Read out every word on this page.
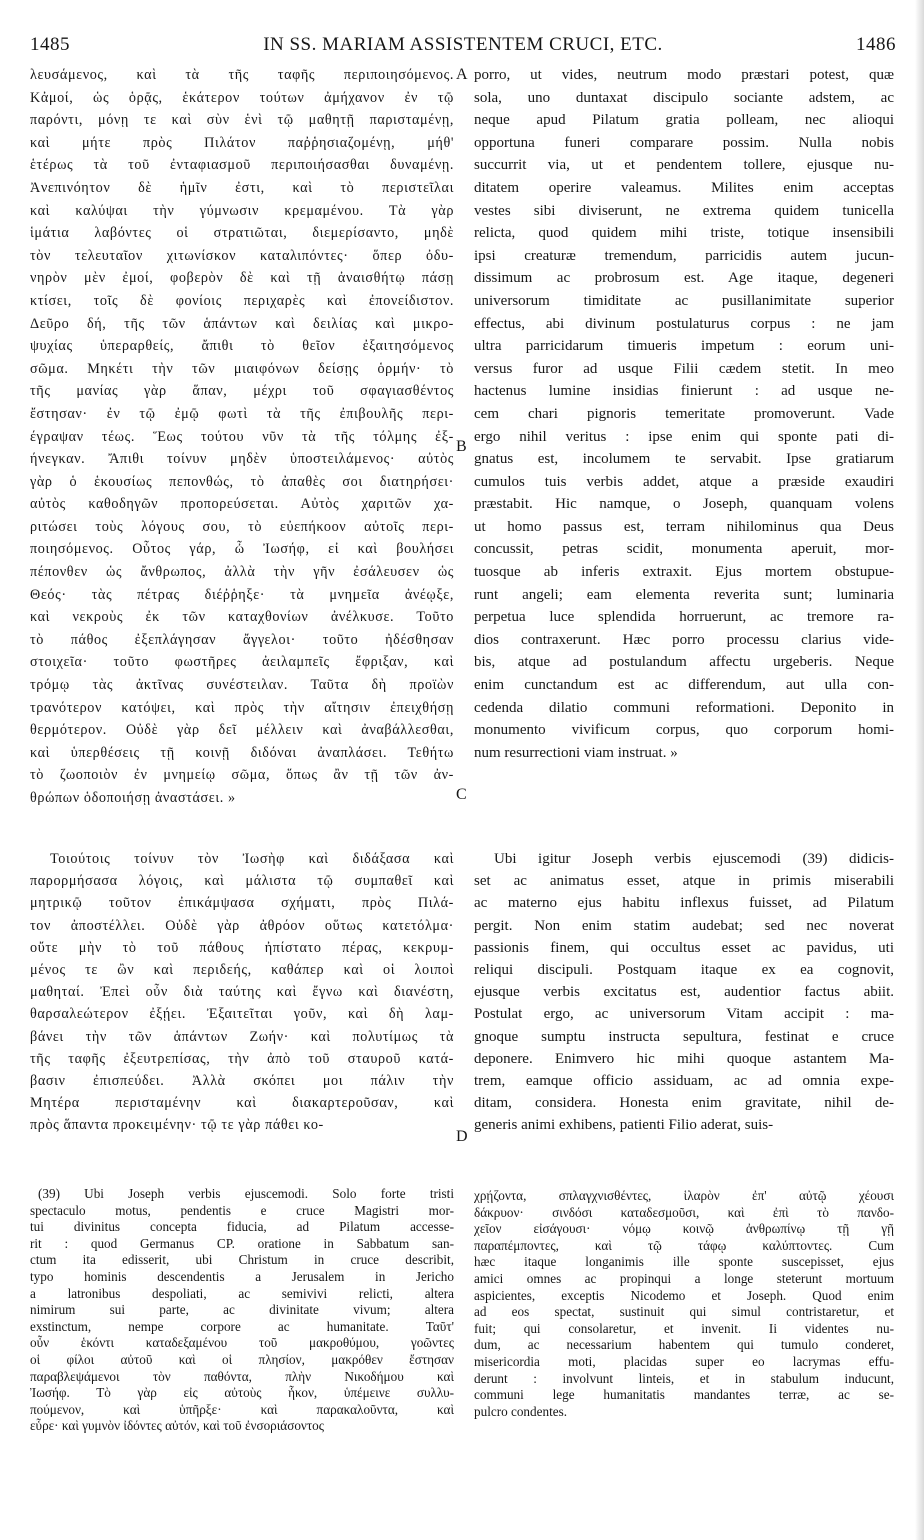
1485	IN SS. MARIAM ASSISTENTEM CRUCI, ETC.	1486
λευσάμενος, καὶ τὰ τῆς ταφῆς περιποιησόμενος.
Κἀμοί, ὡς ὁρᾷς, ἑκάτερον τούτων ἀμήχανον ἐν τῷ
παρόντι, μόνῃ τε καὶ σὺν ἑνὶ τῷ μαθητῇ παρισταμένῃ,
καὶ μήτε πρὸς Πιλάτον παῤῥησιαζομένῃ, μήθ'
ἑτέρως τὰ τοῦ ἐνταφιασμοῦ περιποιήσασθαι δυναμένῃ.
Ἀνεπινόητον δὲ ἡμῖν ἐστι, καὶ τὸ περιστεῖλαι
καὶ καλύψαι τὴν γύμνωσιν κρεμαμένου. Τὰ γὰρ
ἱμάτια λαβόντες οἱ στρατιῶται, διεμερίσαντο, μηδὲ
τὸν τελευταῖον χιτωνίσκον καταλιπόντες· ὅπερ ὀδυ-
νηρὸν μὲν ἐμοί, φοβερὸν δὲ καὶ τῇ ἀναισθήτῳ πάσῃ
κτίσει, τοῖς δὲ φονίοις περιχαρὲς καὶ ἐπονείδιστον.
Δεῦρο δή, τῆς τῶν ἁπάντων καὶ δειλίας καὶ μικρο-
ψυχίας ὑπεραρθείς, ἄπιθι τὸ θεῖον ἐξαιτησόμενος
σῶμα. Μηκέτι τὴν τῶν μιαιφόνων δείσῃς ὁρμήν· τὸ
τῆς μανίας γὰρ ἅπαν, μέχρι τοῦ σφαγιασθέντος
ἔστησαν· ἐν τῷ ἐμῷ φωτὶ τὰ τῆς ἐπιβουλῆς περι-
έγραψαν τέως. Ἕως τούτου νῦν τὰ τῆς τόλμης ἐξ-
ήνεγκαν. Ἄπιθι τοίνυν μηδὲν ὑποστειλάμενος· αὐτὸς
γὰρ ὁ ἑκουσίως πεπονθώς, τὸ ἀπαθὲς σοι διατηρήσει·
αὐτὸς καθοδηγῶν προπορεύσεται. Αὐτὸς χαριτῶν χα-
ριτώσει τοὺς λόγους σου, τὸ εὐεπήκοον αὐτοῖς περι-
ποιησόμενος. Οὗτος γάρ, ὦ Ἰωσήφ, εἰ καὶ βουλήσει
πέπονθεν ὡς ἄνθρωπος, ἀλλὰ τὴν γῆν ἐσάλευσεν ὡς
Θεός· τὰς πέτρας διέῤῥηξε· τὰ μνημεῖα ἀνέῳξε,
καὶ νεκροὺς ἐκ τῶν καταχθονίων ἀνέλκυσε. Τοῦτο
τὸ πάθος ἐξεπλάγησαν ἄγγελοι· τοῦτο ἠδέσθησαν
στοιχεῖα· τοῦτο φωστῆρες ἀειλαμπεῖς ἔφριξαν, καὶ
τρόμῳ τὰς ἀκτῖνας συνέστειλαν. Ταῦτα δὴ προϊὼν
τρανότερον κατόψει, καὶ πρὸς τὴν αἴτησιν ἐπειχθήσῃ
θερμότερον. Οὐδὲ γὰρ δεῖ μέλλειν καὶ ἀναβάλλεσθαι,
καὶ ὑπερθέσεις τῇ κοινῇ διδόναι ἀναπλάσει. Τεθήτω
τὸ ζωοποιὸν ἐν μνημείῳ σῶμα, ὅπως ἂν τῇ τῶν ἀν-
θρώπων ὁδοποιήσῃ ἀναστάσει. »
porro, ut vides, neutrum modo præstari potest, quæ
sola, uno duntaxat discipulo sociante adstem, ac
neque apud Pilatum gratia polleam, nec alioqui
opportuna funeri comparare possim. Nulla nobis
succurrit via, ut et pendentem tollere, ejusque nu-
ditatem operire valeamus. Milites enim acceptas
vestes sibi diviserunt, ne extrema quidem tunicella
relicta, quod quidem mihi triste, totique insensibili
ipsi creaturæ tremendum, parricidis autem jucun-
dissimum ac probrosum est. Age itaque, degeneri
universorum timiditate ac pusillanimitate superior
effectus, abi divinum postulaturus corpus : ne jam
ultra parricidarum timueris impetum : eorum uni-
versus furor ad usque Filii cædem stetit. In meo
hactenus lumine insidias finierunt : ad usque ne-
cem chari pignoris temeritate promoverunt. Vade
ergo nihil veritus : ipse enim qui sponte pati di-
gnatus est, incolumem te servabit. Ipse gratiarum
cumulos tuis verbis addet, atque a præside exaudiri
præstabit. Hic namque, o Joseph, quanquam volens
ut homo passus est, terram nihilominus qua Deus
concussit, petras scidit, monumenta aperuit, mor-
tuosque ab inferis extraxit. Ejus mortem obstupue-
runt angeli; eam elementa reverita sunt; luminaria
perpetua luce splendida horruerunt, ac tremore ra-
dios contraxerunt. Hæc porro processu clarius vide-
bis, atque ad postulandum affectu urgeberis. Neque
enim cunctandum est ac differendum, aut ulla con-
cedenda dilatio communi reformationi. Deponito in
monumento vivificum corpus, quo corporum homi-
num resurrectioni viam instruat. »
Τοιούτοις τοίνυν τὸν Ἰωσὴφ καὶ διδάξασα καὶ
παρορμήσασα λόγοις, καὶ μάλιστα τῷ συμπαθεῖ καὶ
μητρικῷ τοῦτον ἐπικάμψασα σχήματι, πρὸς Πιλά-
τον ἀποστέλλει. Οὐδὲ γὰρ ἀθρόον οὕτως κατετόλμα·
οὔτε μὴν τὸ τοῦ πάθους ἠπίστατο πέρας, κεκρυμ-
μένος τε ὢν καὶ περιδεής, καθάπερ καὶ οἱ λοιποὶ
μαθηταί. Ἐπεὶ οὖν διὰ ταύτης καὶ ἔγνω καὶ διανέστη,
θαρσαλεώτερον ἐξῄει. Ἐξαιτεῖται γοῦν, καὶ δὴ λαμ-
βάνει τὴν τῶν ἁπάντων Ζωήν· καὶ πολυτίμως τὰ
τῆς ταφῆς ἐξευτρεπίσας, τὴν ἀπὸ τοῦ σταυροῦ κατά-
βασιν ἐπισπεύδει. Ἀλλὰ σκόπει μοι πάλιν τὴν
Μητέρα περισταμένην καὶ διακαρτεροῦσαν, καὶ
πρὸς ἅπαντα προκειμένην· τῷ τε γὰρ πάθει κο-
Ubi igitur Joseph verbis ejuscemodi (39) didicis-
set ac animatus esset, atque in primis miserabili
ac materno ejus habitu inflexus fuisset, ad Pilatum
pergit. Non enim statim audebat; sed nec noverat
passionis finem, qui occultus esset ac pavidus, uti
reliqui discipuli. Postquam itaque ex ea cognovit,
ejusque verbis excitatus est, audentior factus abiit.
Postulat ergo, ac universorum Vitam accipit : ma-
gnoque sumptu instructa sepultura, festinat e cruce
deponere. Enimvero hic mihi quoque astantem Ma-
trem, eamque officio assiduam, ac ad omnia expe-
ditam, considera. Honesta enim gravitate, nihil de-
generis animi exhibens, patienti Filio aderat, suis-
A
B
C
D
(39) Ubi Joseph verbis ejuscemodi. Solo forte tristi
spectaculo motus, pendentis e cruce Magistri mor-
tui divinitus concepta fiducia, ad Pilatum accesse-
rit : quod Germanus CP. oratione in Sabbatum san-
ctum ita edisserit, ubi Christum in cruce describit,
typo hominis descendentis a Jerusalem in Jericho
a latronibus despoliati, ac semivivi relicti, altera
nimirum sui parte, ac divinitate vivum; altera
exstinctum, nempe corpore ac humanitate. Ταῦτ'
οὖν ἑκόντι καταδεξαμένου τοῦ μακροθύμου, γοῶντες
οἱ φίλοι αὐτοῦ καὶ οἱ πλησίον, μακρόθεν ἔστησαν
παραβλεψάμενοι τὸν παθόντα, πλὴν Νικοδήμου καὶ
Ἰωσήφ. Τὸ γὰρ εἰς αὐτοὺς ἧκον, ὑπέμεινε συλλυ-
πούμενον, καὶ ὑπῆρξε· καὶ παρακαλοῦντα, καὶ
εὗρε· καὶ γυμνὸν ἰδόντες αὐτόν, καὶ τοῦ ἐνσοριάσοντος
χρῄζοντα, σπλαγχνισθέντες, ἱλαρὸν ἐπ' αὐτῷ χέουσι
δάκρυον· σινδόσι καταδεσμοῦσι, καὶ ἐπὶ τὸ πανδο-
χεῖον εἰσάγουσι· νόμῳ κοινῷ ἀνθρωπίνῳ τῇ γῇ
παραπέμποντες, καὶ τῷ τάφῳ καλύπτοντες. Cum
hæc itaque longanimis ille sponte suscepisset, ejus
amici omnes ac propinqui a longe steterunt mortuum
aspicientes, exceptis Nicodemo et Joseph. Quod enim
ad eos spectat, sustinuit qui simul contristaretur, et
fuit; qui consolaretur, et invenit. Ii videntes nu-
dum, ac necessarium habentem qui tumulo conderet,
misericordia moti, placidas super eo lacrymas effu-
derunt : involvunt linteis, et in stabulum inducunt,
communi lege humanitatis mandantes terræ, ac se-
pulcro condentes.
